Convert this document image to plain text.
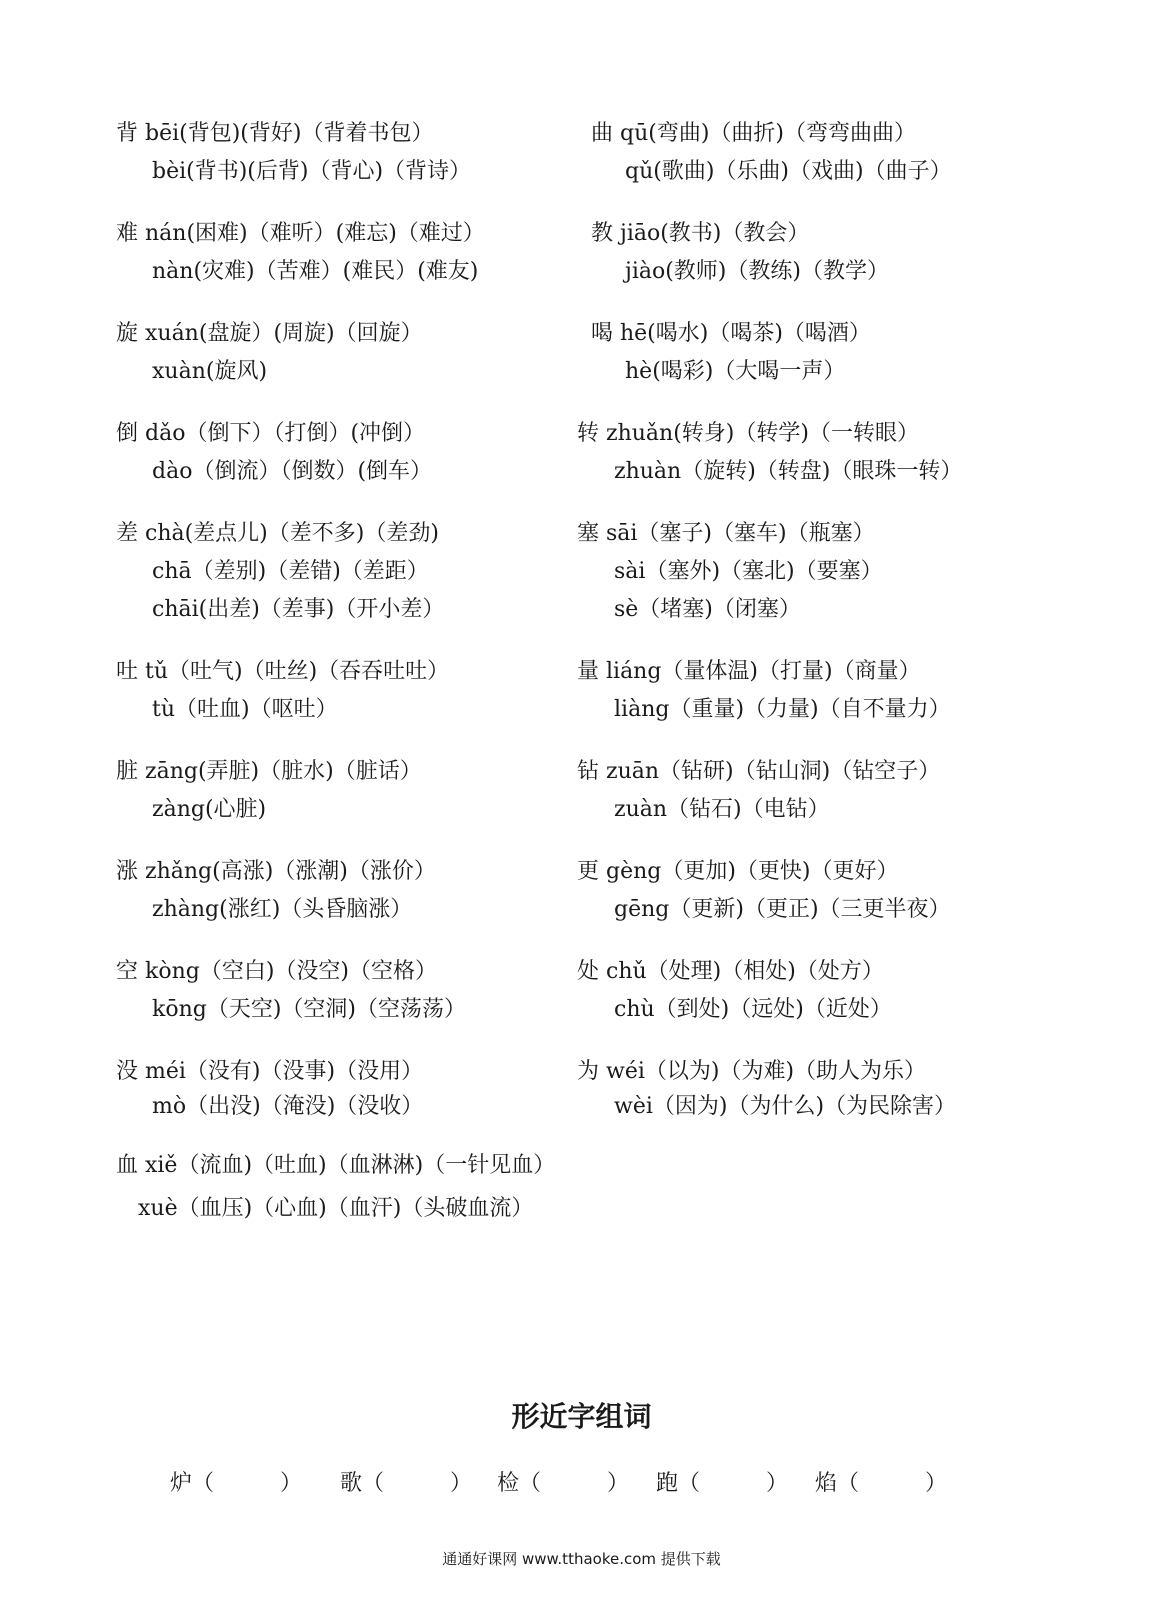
背 bēi(背包)(背好)（背着书包）
bèi(背书)(后背)（背心)（背诗）
难 nán(困难)（难听）(难忘)（难过）
nàn(灾难)（苦难）(难民）(难友)
旋 xuán(盘旋）(周旋)（回旋）
xuàn(旋风)
倒 dǎo（倒下）（打倒）(冲倒）
dào（倒流）（倒数）(倒车）
差 chà(差点儿)（差不多)（差劲)
chā（差别)（差错)（差距）
chāi(出差)（差事)（开小差）
吐 tǔ（吐气)（吐丝)（吞吞吐吐）
tù（吐血)（呕吐）
脏 zāng(弄脏)（脏水)（脏话）
zàng(心脏)
涨 zhǎng(高涨)（涨潮)（涨价）
zhàng(涨红)（头昏脑涨）
空 kòng（空白)（没空)（空格）
kōng（天空)（空洞)（空荡荡）
没 méi（没有)（没事)（没用）
mò（出没)（淹没)（没收）
曲 qū(弯曲)（曲折)（弯弯曲曲）
qǔ(歌曲)（乐曲)（戏曲)（曲子）
教 jiāo(教书)（教会）
jiào(教师)（教练)（教学）
喝 hē(喝水)（喝茶)（喝酒）
hè(喝彩)（大喝一声）
转 zhuǎn(转身)（转学)（一转眼）
zhuàn（旋转)（转盘)（眼珠一转）
塞 sāi（塞子)（塞车)（瓶塞）
sài（塞外)（塞北)（要塞）
sè（堵塞)（闭塞）
量 liáng（量体温)（打量)（商量）
liàng（重量)（力量)（自不量力）
钻 zuān（钻研)（钻山洞)（钻空子）
zuàn（钻石)（电钻）
更 gèng（更加)（更快)（更好）
gēng（更新)（更正)（三更半夜）
处 chǔ（处理)（相处)（处方）
chù（到处)（远处)（近处）
为 wéi（以为)（为难)（助人为乐）
wèi（因为)（为什么)（为民除害）
血 xiě（流血)（吐血)（血淋淋)（一针见血）
xuè（血压)（心血)（血汗)（头破血流）
形近字组词
炉（　　　） 歌（　　　） 检（　　　） 跑（　　　） 焰（　　　）
通通好课网 www.tthaoke.com 提供下载
